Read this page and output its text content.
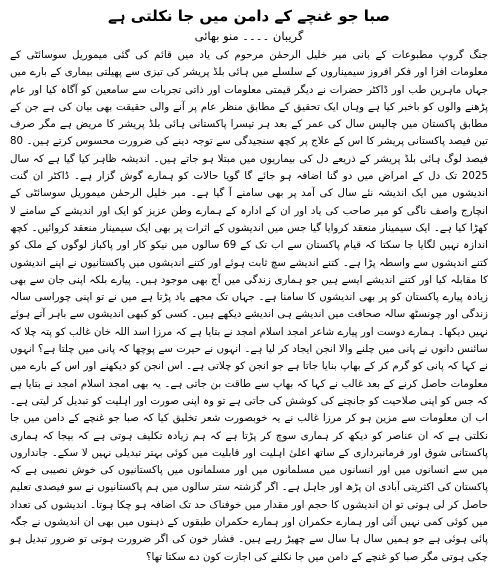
صبا جو غنچے کے دامن میں جا نکلتی ہے
گریبان ۔۔۔۔ منو بھائی

جنگ گروپ مطبوعات کے بانی میر خلیل الرحمٰن مرحوم کی یاد میں قائم کی گئی میموریل سوسائٹی کے معلومات افزا اور فکر افروز سیمیناروں کے سلسلے میں ہائی بلڈ پریشر کی تیزی سے پھیلتی بیماری کے بارے میں جہاں ماہرین طب اور ڈاکٹر حضرات نے دیگر قیمتی معلومات اور ذاتی تجربات سے سامعین کو آگاہ کیا اور عام پڑھنے والوں کو باخبر کیا ہے وہاں ایک تحقیق کے مطابق منظر عام پر آنے والی حقیقت بھی بیان کی ہے جن کے مطابق پاکستان میں چالیس سال کی عمر کے بعد ہر تیسرا پاکستانی ہائی بلڈ پریشر کا مریض ہے مگر صرف تین فیصد پاکستانی پریشر کا اس کے علاج پر کچھ سنجیدگی سے توجہ دینے کی ضرورت محسوس کرتے ہیں۔ 80 فیصد لوگ ہائی بلڈ پریشر کے ذریعے دل کی بیماریوں میں مبتلا ہو جاتے ہیں۔ اندیشہ ظاہر کیا گیا ہے کہ سال 2025 تک دل کے امراض میں دو گنا اضافہ ہو جائے گا گویا حالات کو ہمارے گوش گزار ہے۔ ڈاکٹر ان گنت اندیشوں میں ایک اندیشہ نئے سال کی آمد پر بھی سامنے آ گیا ہے۔ میر خلیل الرحمٰن میموریل سوسائٹی کے انچارج واصف ناگی کو میر صاحب کی یاد اور ان کے ادارہ کے ہمارے وطن عزیز کو ایک اور اندیشے کے سامنے لا کھڑا کیا ہے۔ ایک سیمینار منعقد کروایا گیا جس میں اندیشوں کے اثرات پر بھی ایک سیمینار منعقد کروائیں۔ کچھ اندازہ نہیں لگایا جا سکتا کہ قیام پاکستان سے اب تک کے 69 سالوں میں نیکو کار اور پاکباز لوگوں کے ملک کو کتنے اندیشوں سے واسطہ پڑا ہے۔ کتنے اندیشے سچ ثابت ہوئے اور کتنے اندیشوں میں پاکستانیوں نے اپنے اندیشوں کا مقابلہ کیا اور کتنے اندیشے ایسے ہیں جو ہماری زندگی میں آج بھی موجود ہیں۔ پیارے بلکہ اپنی جان سے بھی زیادہ پیارے پاکستان کو پر بھی اندیشوں کا سامنا ہے۔ جہاں تک مجھے یاد پڑتا ہے میں نے تو اپنی چوراسی سالہ زندگی اور چونسٹھ سالہ صحافت میں اندیشے ہی اندیشے دیکھے ہیں۔ کسی کو کبھی اندیشوں سے باہر آتے ہوئے نہیں دیکھا۔ ہمارے دوست اور پیارے شاعر امجد اسلام امجد نے بتایا ہے کہ مرزا اسد اللہ خان غالب کو پتہ چلا کہ سائنس دانوں نے پانی میں چلنے والا انجن ایجاد کر لیا ہے۔ انہوں نے حیرت سے پوچھا کہ پانی میں چلتا ہے؟ انہوں نے کہا کہ پانی کو گرم کر کے بھاپ بنایا جاتا ہے جو انجن کو چلاتی ہے۔ اس انجن کو دیکھنے اور اس کے بارے میں معلومات حاصل کرنے کے بعد غالب نے کہا کہ بھاپ سے طاقت بن جاتی ہے۔ یہ بھی امجد اسلام امجد نے بتایا ہے کہ جس کو اپنی صلاحیت کو جانچنے کی کوشش کی جاتی ہے تو وہ اپنی صورت اور اہلیت کو تبدیل کر لیتی ہے۔ اب ان معلومات سے مزین ہو کر مرزا غالب نے یہ خوبصورت شعر تخلیق کیا کہ صبا جو غنچے کے دامن میں جا نکلتی ہے کہ ان عناصر کو دیکھ کر ہماری سوچ کر پڑتا ہے کہ ہم زیادہ تکلیف ہوتی ہے کہ بیجا کہ ہماری پاکستانی شوق اور فرمانبرداری کے ساتھ اعلیٰ اہلیت اور قابلیت میں کوئی بہتر تبدیلی نہیں لا سکے۔ جانداروں میں سے انسانوں میں اور انسانوں میں مسلمانوں میں اور مسلمانوں میں پاکستانیوں کی خوش نصیبی ہے کہ پاکستان کی اکثریتی آبادی ان پڑھ اور جاہل ہے۔ اگر گزشتہ ستر سالوں میں ہم پاکستانیوں نے سو فیصدی تعلیم حاصل کر لی ہوتی تو ان اندیشوں کا حجم اور مقدار میں خوفناک حد تک اضافہ ہو چکا ہوتا۔ اندیشوں کی تعداد میں کوئی کمی نہیں آئی اور ہمارے حکمران اور ہمارے حکمران طبقوں کے ذہنوں میں بھی ان اندیشوں نے جگہ پائی ہوئی ہے جو ہمیں سال ہا سال سے چھیڑ رہے ہیں۔ فشار خون کی اگر ضرورت ہوتی تو ضرور تبدیل ہو چکی ہوتی مگر صبا کو غنچے کے دامن میں جا نکلنے کی اجازت کون دے سکتا تھا؟
